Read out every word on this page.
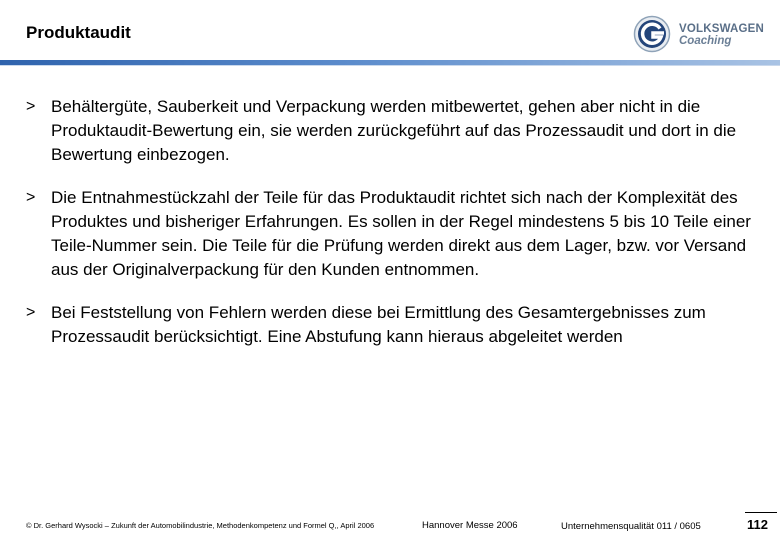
Produktaudit	VOLKSWAGEN
Coaching
> Behältergüte, Sauberkeit und Verpackung werden mitbewertet, gehen aber nicht in die Produktaudit-Bewertung ein, sie werden zurückgeführt auf das Prozessaudit und dort in die Bewertung einbezogen.
> Die Entnahmestückzahl der Teile für das Produktaudit richtet sich nach der Komplexität des Produktes und bisheriger Erfahrungen. Es sollen in der Regel mindestens 5 bis 10 Teile einer Teile-Nummer sein. Die Teile für die Prüfung werden direkt aus dem Lager, bzw. vor Versand aus der Originalverpackung für den Kunden entnommen.
> Bei Feststellung von Fehlern werden diese bei Ermittlung des Gesamtergebnisses zum Prozessaudit berücksichtigt. Eine Abstufung kann hieraus abgeleitet werden
© Dr. Gerhard Wysocki – Zukunft der Automobilindustrie, Methodenkompetenz und Formel Q,, April 2006	Hannover Messe 2006	Unternehmensqualität 011 / 0605	112
